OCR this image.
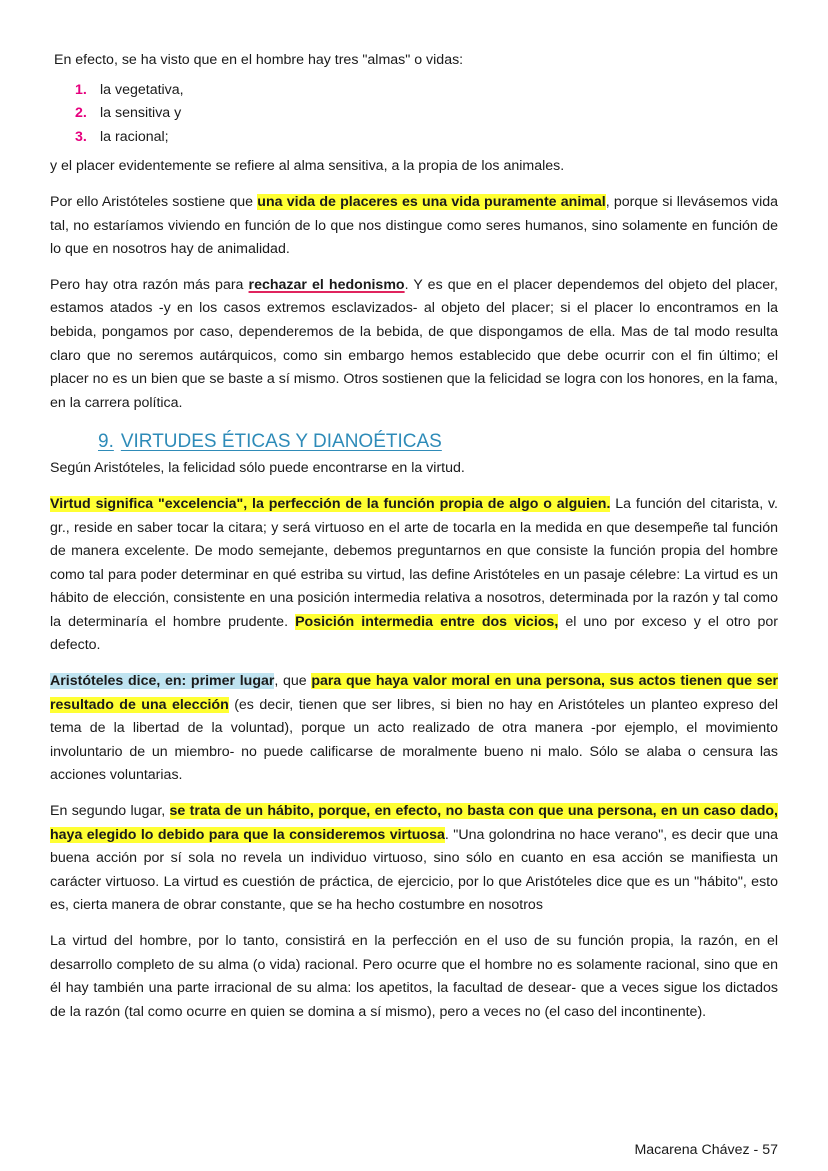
En efecto, se ha visto que en el hombre hay tres "almas" o vidas:

1. la vegetativa,
2. la sensitiva y
3. la racional;

y el placer evidentemente se refiere al alma sensitiva, a la propia de los animales.

Por ello Aristóteles sostiene que una vida de placeres es una vida puramente animal, porque si llevásemos vida tal, no estaríamos viviendo en función de lo que nos distingue como seres humanos, sino solamente en función de lo que en nosotros hay de animalidad.

Pero hay otra razón más para rechazar el hedonismo. Y es que en el placer dependemos del objeto del placer, estamos atados -y en los casos extremos esclavizados- al objeto del placer; si el placer lo encontramos en la bebida, pongamos por caso, dependeremos de la bebida, de que dispongamos de ella. Mas de tal modo resulta claro que no seremos autárquicos, como sin embargo hemos establecido que debe ocurrir con el fin último; el placer no es un bien que se baste a sí mismo. Otros sostienen que la felicidad se logra con los honores, en la fama, en la carrera política.

9. VIRTUDES ÉTICAS Y DIANOÉTICAS

Según Aristóteles, la felicidad sólo puede encontrarse en la virtud.

Virtud significa "excelencia", la perfección de la función propia de algo o alguien. La función del citarista, v. gr., reside en saber tocar la citara; y será virtuoso en el arte de tocarla en la medida en que desempeñe tal función de manera excelente. De modo semejante, debemos preguntarnos en que consiste la función propia del hombre como tal para poder determinar en qué estriba su virtud, las define Aristóteles en un pasaje célebre: La virtud es un hábito de elección, consistente en una posición intermedia relativa a nosotros, determinada por la razón y tal como la determinaría el hombre prudente. Posición intermedia entre dos vicios, el uno por exceso y el otro por defecto.

Aristóteles dice, en: primer lugar, que para que haya valor moral en una persona, sus actos tienen que ser resultado de una elección (es decir, tienen que ser libres, si bien no hay en Aristóteles un planteo expreso del tema de la libertad de la voluntad), porque un acto realizado de otra manera -por ejemplo, el movimiento involuntario de un miembro- no puede calificarse de moralmente bueno ni malo. Sólo se alaba o censura las acciones voluntarias.

En segundo lugar, se trata de un hábito, porque, en efecto, no basta con que una persona, en un caso dado, haya elegido lo debido para que la consideremos virtuosa. "Una golondrina no hace verano", es decir que una buena acción por sí sola no revela un individuo virtuoso, sino sólo en cuanto en esa acción se manifiesta un carácter virtuoso. La virtud es cuestión de práctica, de ejercicio, por lo que Aristóteles dice que es un "hábito", esto es, cierta manera de obrar constante, que se ha hecho costumbre en nosotros

La virtud del hombre, por lo tanto, consistirá en la perfección en el uso de su función propia, la razón, en el desarrollo completo de su alma (o vida) racional. Pero ocurre que el hombre no es solamente racional, sino que en él hay también una parte irracional de su alma: los apetitos, la facultad de desear- que a veces sigue los dictados de la razón (tal como ocurre en quien se domina a sí mismo), pero a veces no (el caso del incontinente).

Macarena Chávez - 57
